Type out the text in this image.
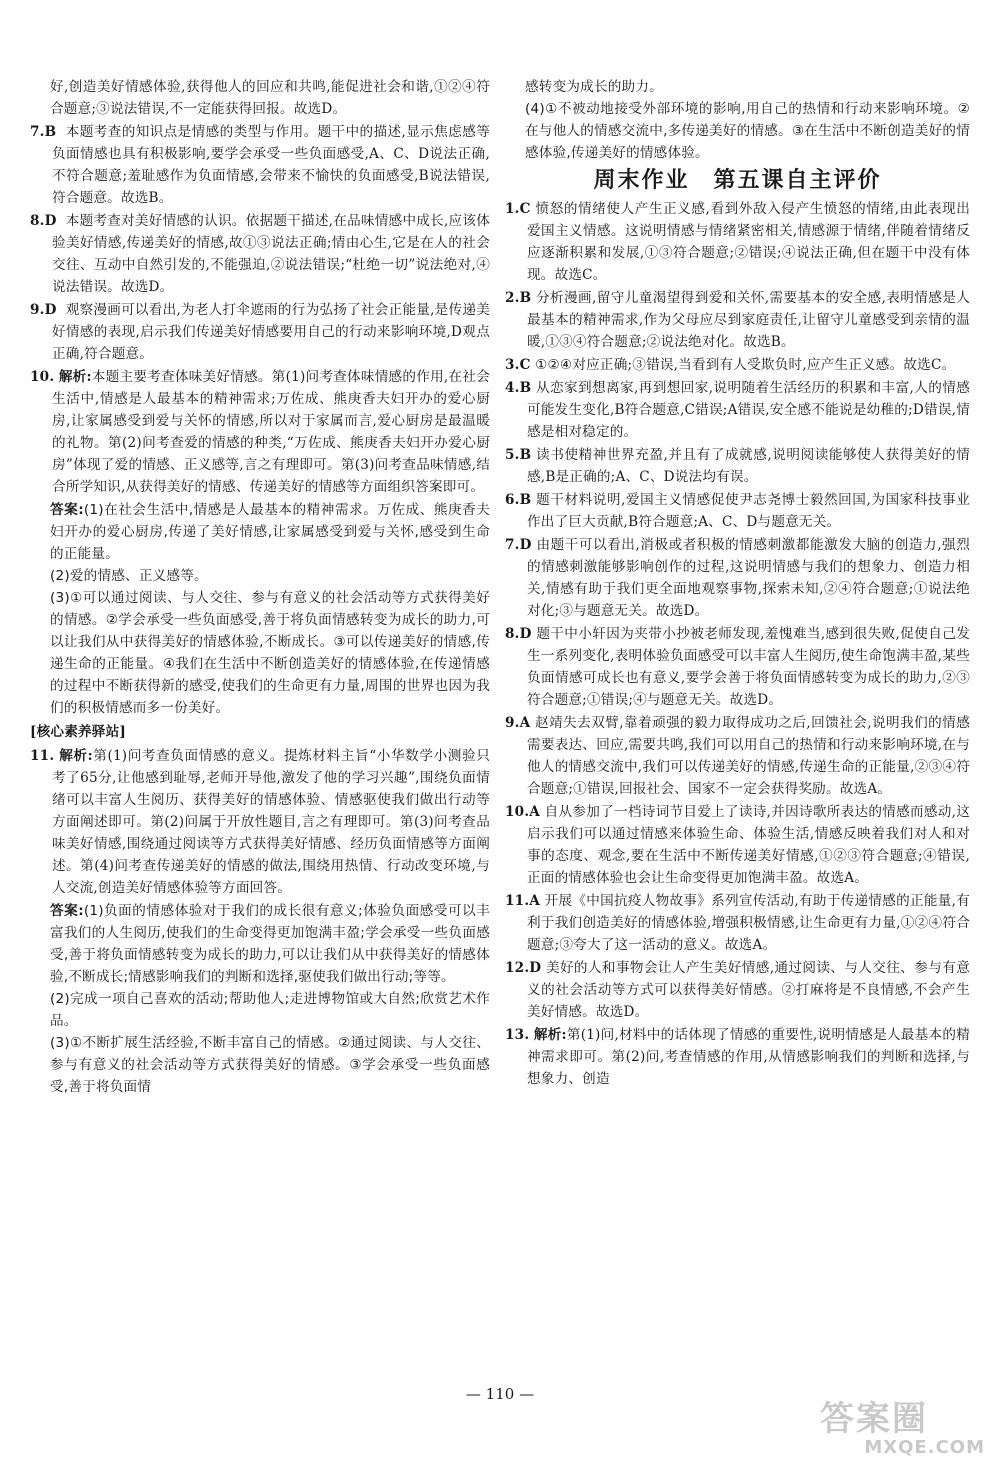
好,创造美好情感体验,获得他人的回应和共鸣,能促进社会和谐,①②④符合题意;③说法错误,不一定能获得回报。故选D。
7.B 本题考查的知识点是情感的类型与作用。题干中的描述,显示焦虑感等负面情感也具有积极影响,要学会承受一些负面感受,A、C、D说法正确,不符合题意;羞耻感作为负面情感,会带来不愉快的负面感受,B说法错误,符合题意。故选B。
8.D 本题考查对美好情感的认识。依据题干描述,在品味情感中成长,应该体验美好情感,传递美好的情感,故①③说法正确;情由心生,它是在人的社会交往、互动中自然引发的,不能强迫,②说法错误;“杜绝一切”说法绝对,④说法错误。故选D。
9.D 观察漫画可以看出,为老人打伞遮雨的行为弘扬了社会正能量,是传递美好情感的表现,启示我们传递美好情感要用自己的行动来影响环境,D观点正确,符合题意。
10. 解析:本题主要考查体味美好情感。第(1)问考查体味情感的作用,在社会生活中,情感是人最基本的精神需求;万佐成、熊庚香夫妇开办的爱心厨房,让家属感受到爱与关怀的情感,所以对于家属而言,爱心厨房是最温暖的礼物。第(2)问考查爱的情感的种类,“万佐成、熊庚香夫妇开办爱心厨房”体现了爱的情感、正义感等,言之有理即可。第(3)问考查品味情感,结合所学知识,从获得美好的情感、传递美好的情感等方面组织答案即可。
答案:(1)在社会生活中,情感是人最基本的精神需求。万佐成、熊庚香夫妇开办的爱心厨房,传递了美好情感,让家属感受到爱与关怀,感受到生命的正能量。
(2)爱的情感、正义感等。
(3)①可以通过阅读、与人交往、参与有意义的社会活动等方式获得美好的情感。②学会承受一些负面感受,善于将负面情感转变为成长的助力,可以让我们从中获得美好的情感体验,不断成长。③可以传递美好的情感,传递生命的正能量。④我们在生活中不断创造美好的情感体验,在传递情感的过程中不断获得新的感受,使我们的生命更有力量,周围的世界也因为我们的积极情感而多一份美好。
[核心素养驿站]
11. 解析:第(1)问考查负面情感的意义。提炼材料主旨“小华数学小测验只考了65分,让他感到耻辱,老师开导他,激发了他的学习兴趣”,围绕负面情绪可以丰富人生阅历、获得美好的情感体验、情感驱使我们做出行动等方面阐述即可。第(2)问属于开放性题目,言之有理即可。第(3)问考查品味美好情感,围绕通过阅读等方式获得美好情感、经历负面情感等方面阐述。第(4)问考查传递美好的情感的做法,围绕用热情、行动改变环境,与人交流,创造美好情感体验等方面回答。
答案:(1)负面的情感体验对于我们的成长很有意义;体验负面感受可以丰富我们的人生阅历,使我们的生命变得更加饱满丰盈;学会承受一些负面感受,善于将负面情感转变为成长的助力,可以让我们从中获得美好的情感体验,不断成长;情感影响我们的判断和选择,驱使我们做出行动;等等。
(2)完成一项自己喜欢的活动;帮助他人;走进博物馆或大自然;欣赏艺术作品。
(3)①不断扩展生活经验,不断丰富自己的情感。②通过阅读、与人交往、参与有意义的社会活动等方式获得美好的情感。③学会承受一些负面感受,善于将负面情
感转变为成长的助力。
(4)①不被动地接受外部环境的影响,用自己的热情和行动来影响环境。②在与他人的情感交流中,多传递美好的情感。③在生活中不断创造美好的情感体验,传递美好的情感体验。
周末作业　第五课自主评价
1.C 愤怒的情绪使人产生正义感,看到外敌入侵产生愤怒的情绪,由此表现出爱国主义情感。这说明情感与情绪紧密相关,情感源于情绪,伴随着情绪反应逐渐积累和发展,①③符合题意;②错误;④说法正确,但在题干中没有体现。故选C。
2.B 分析漫画,留守儿童渴望得到爱和关怀,需要基本的安全感,表明情感是人最基本的精神需求,作为父母应尽到家庭责任,让留守儿童感受到亲情的温暖,①③④符合题意;②说法绝对化。故选B。
3.C ①②④对应正确;③错误,当看到有人受欺负时,应产生正义感。故选C。
4.B 从恋家到想离家,再到想回家,说明随着生活经历的积累和丰富,人的情感可能发生变化,B符合题意,C错误;A错误,安全感不能说是幼稚的;D错误,情感是相对稳定的。
5.B 读书使精神世界充盈,并且有了成就感,说明阅读能够使人获得美好的情感,B是正确的;A、C、D说法均有误。
6.B 题干材料说明,爱国主义情感促使尹志尧博士毅然回国,为国家科技事业作出了巨大贡献,B符合题意;A、C、D与题意无关。
7.D 由题干可以看出,消极或者积极的情感刺激都能激发大脑的创造力,强烈的情感刺激能够影响创作的过程,这说明情感与我们的想象力、创造力相关,情感有助于我们更全面地观察事物,探索未知,②④符合题意;①说法绝对化;③与题意无关。故选D。
8.D 题干中小轩因为夹带小抄被老师发现,羞愧难当,感到很失败,促使自己发生一系列变化,表明体验负面感受可以丰富人生阅历,使生命饱满丰盈,某些负面情感可成长也有意义,要学会善于将负面情感转变为成长的助力,②③符合题意;①错误;④与题意无关。故选D。
9.A 赵靖失去双臂,靠着顽强的毅力取得成功之后,回馈社会,说明我们的情感需要表达、回应,需要共鸣,我们可以用自己的热情和行动来影响环境,在与他人的情感交流中,我们可以传递美好的情感,传递生命的正能量,②③④符合题意;①错误,回报社会、国家不一定会获得奖励。故选A。
10.A 自从参加了一档诗词节目爱上了读诗,并因诗歌所表达的情感而感动,这启示我们可以通过情感来体验生命、体验生活,情感反映着我们对人和对事的态度、观念,要在生活中不断传递美好情感,①②③符合题意;④错误,正面的情感体验也会让生命变得更加饱满丰盈。故选A。
11.A 开展《中国抗疫人物故事》系列宣传活动,有助于传递情感的正能量,有利于我们创造美好的情感体验,增强积极情感,让生命更有力量,①②④符合题意;③夸大了这一活动的意义。故选A。
12.D 美好的人和事物会让人产生美好情感,通过阅读、与人交往、参与有意义的社会活动等方式可以获得美好情感。②打麻将是不良情感,不会产生美好情感。故选D。
13. 解析:第(1)问,材料中的话体现了情感的重要性,说明情感是人最基本的精神需求即可。第(2)问,考查情感的作用,从情感影响我们的判断和选择,与想象力、创造
— 110 —
答案圈
MXQE.COM
